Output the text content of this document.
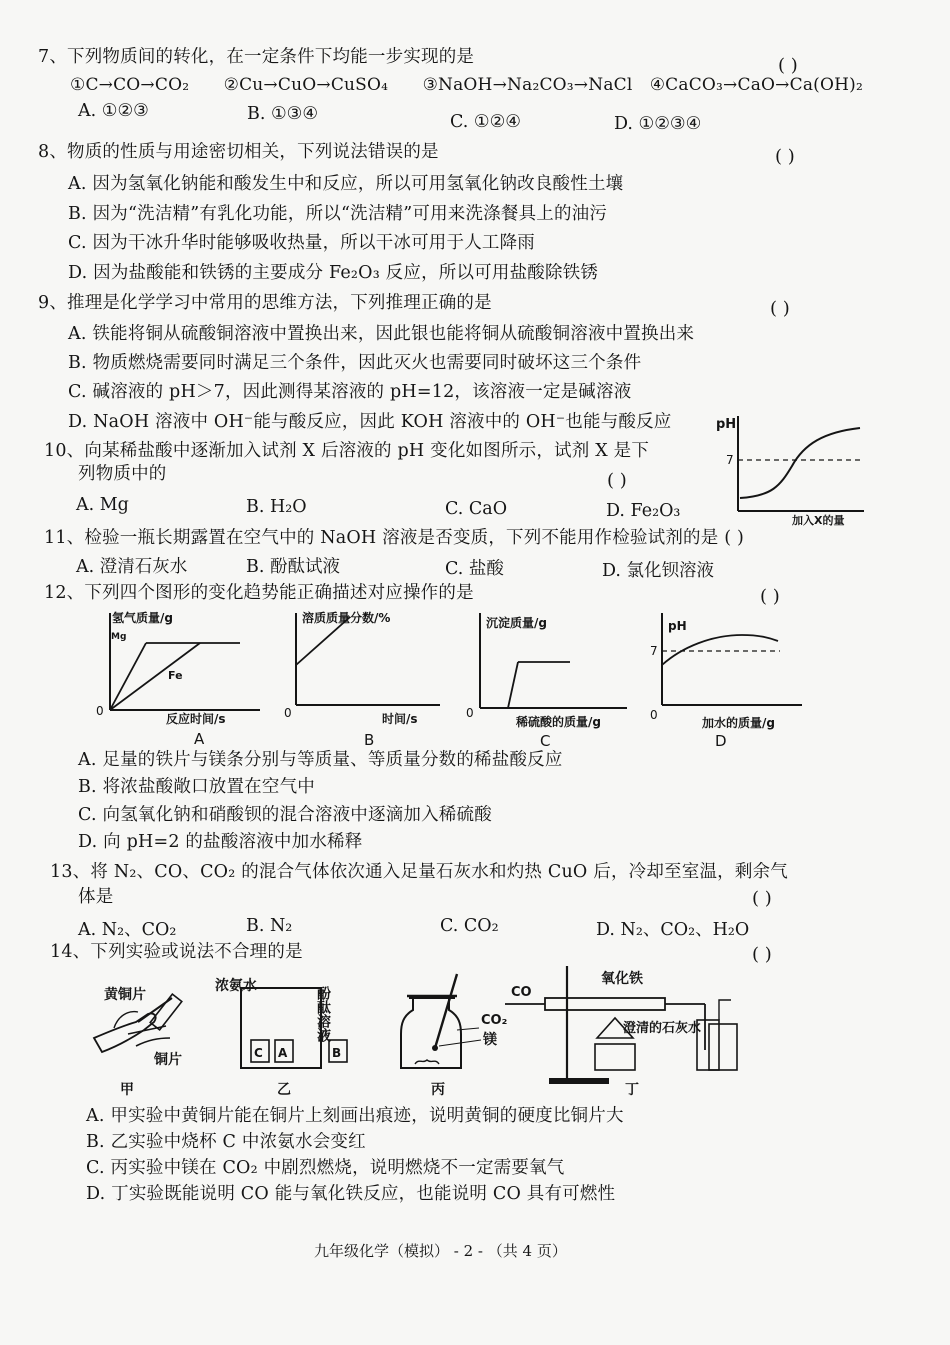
7、下列物质间的转化，在一定条件下均能一步实现的是	( )
①C→CO→CO₂　　②Cu→CuO→CuSO₄　　③NaOH→Na₂CO₃→NaCl　④CaCO₃→CaO→Ca(OH)₂
A. ①②③	B. ①③④	C. ①②④	D. ①②③④
8、物质的性质与用途密切相关，下列说法错误的是	( )
A. 因为氢氧化钠能和酸发生中和反应，所以可用氢氧化钠改良酸性土壤
B. 因为“洗洁精”有乳化功能，所以“洗洁精”可用来洗涤餐具上的油污
C. 因为干冰升华时能够吸收热量，所以干冰可用于人工降雨
D. 因为盐酸能和铁锈的主要成分 Fe₂O₃ 反应，所以可用盐酸除铁锈
9、推理是化学学习中常用的思维方法，下列推理正确的是	( )
A. 铁能将铜从硫酸铜溶液中置换出来，因此银也能将铜从硫酸铜溶液中置换出来
B. 物质燃烧需要同时满足三个条件，因此灭火也需要同时破坏这三个条件
C. 碱溶液的 pH＞7，因此测得某溶液的 pH=12，该溶液一定是碱溶液
D. NaOH 溶液中 OH⁻能与酸反应，因此 KOH 溶液中的 OH⁻也能与酸反应
10、向某稀盐酸中逐渐加入试剂 X 后溶液的 pH 变化如图所示，试剂 X 是下
列物质中的	( )
A. Mg	B. H₂O	C. CaO	D. Fe₂O₃
pH
7
加入X的量
11、检验一瓶长期露置在空气中的 NaOH 溶液是否变质，下列不能用作检验试剂的是 ( )
A. 澄清石灰水	B. 酚酞试液	C. 盐酸	D. 氯化钡溶液
12、下列四个图形的变化趋势能正确描述对应操作的是	( )
氢气质量/g
Mg
Fe
0
反应时间/s
A
溶质质量分数/%
0	时间/s
B
沉淀质量/g
0
稀硫酸的质量/g
C
pH
7
0
加水的质量/g
D
A. 足量的铁片与镁条分别与等质量、等质量分数的稀盐酸反应
B. 将浓盐酸敞口放置在空气中
C. 向氢氧化钠和硝酸钡的混合溶液中逐滴加入稀硫酸
D. 向 pH=2 的盐酸溶液中加水稀释
13、将 N₂、CO、CO₂ 的混合气体依次通入足量石灰水和灼热 CuO 后，冷却至室温，剩余气
体是	( )
A. N₂、CO₂	B. N₂	C. CO₂	D. N₂、CO₂、H₂O
14、下列实验或说法不合理的是	( )
黄铜片
铜片
甲
浓氨水	酚酞溶液
C A	B
乙
CO₂
镁
丙
CO
氧化铁
澄清的石灰水
丁
A. 甲实验中黄铜片能在铜片上刻画出痕迹，说明黄铜的硬度比铜片大
B. 乙实验中烧杯 C 中浓氨水会变红
C. 丙实验中镁在 CO₂ 中剧烈燃烧，说明燃烧不一定需要氧气
D. 丁实验既能说明 CO 能与氧化铁反应，也能说明 CO 具有可燃性
九年级化学（模拟） - 2 - （共 4 页）
